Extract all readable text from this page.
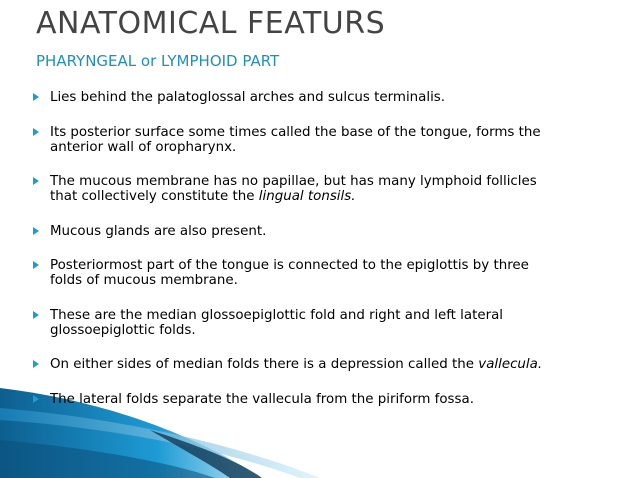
ANATOMICAL FEATURS
PHARYNGEAL or LYMPHOID PART
Lies behind the palatoglossal arches and sulcus terminalis.
Its posterior surface some times called the base of the tongue, forms the
anterior wall of oropharynx.
The mucous membrane has no papillae, but has many lymphoid follicles
that collectively constitute the lingual tonsils.
Mucous glands are also present.
Posteriormost part of the tongue is connected to the epiglottis by three
folds of mucous membrane.
These are the median glossoepiglottic fold and right and left lateral
glossoepiglottic folds.
On either sides of median folds there is a depression called the vallecula.
The lateral folds separate the vallecula from the piriform fossa.
